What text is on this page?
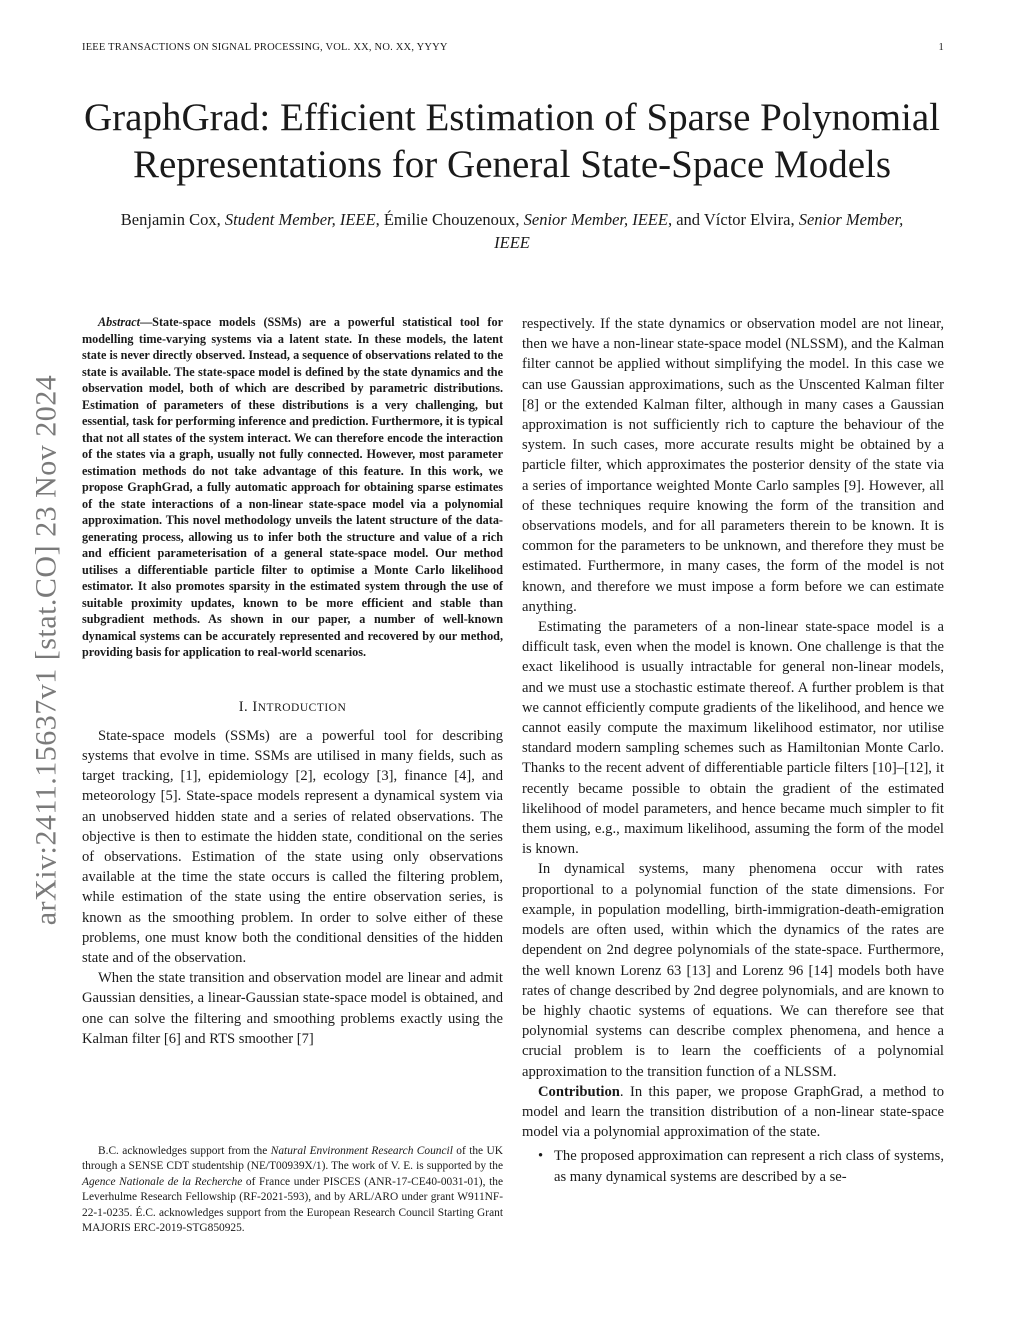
IEEE TRANSACTIONS ON SIGNAL PROCESSING, VOL. XX, NO. XX, YYYY	1
arXiv:2411.15637v1 [stat.CO] 23 Nov 2024
GraphGrad: Efficient Estimation of Sparse Polynomial Representations for General State-Space Models
Benjamin Cox, Student Member, IEEE, Émilie Chouzenoux, Senior Member, IEEE, and Víctor Elvira, Senior Member, IEEE

Abstract—State-space models (SSMs) are a powerful statistical tool for modelling time-varying systems via a latent state. In these models, the latent state is never directly observed. Instead, a sequence of observations related to the state is available. The state-space model is defined by the state dynamics and the observation model, both of which are described by parametric distributions. Estimation of parameters of these distributions is a very challenging, but essential, task for performing inference and prediction. Furthermore, it is typical that not all states of the system interact. We can therefore encode the interaction of the states via a graph, usually not fully connected. However, most parameter estimation methods do not take advantage of this feature. In this work, we propose GraphGrad, a fully automatic approach for obtaining sparse estimates of the state interactions of a non-linear state-space model via a polynomial approximation. This novel methodology unveils the latent structure of the data-generating process, allowing us to infer both the structure and value of a rich and efficient parameterisation of a general state-space model. Our method utilises a differentiable particle filter to optimise a Monte Carlo likelihood estimator. It also promotes sparsity in the estimated system through the use of suitable proximity updates, known to be more efficient and stable than subgradient methods. As shown in our paper, a number of well-known dynamical systems can be accurately represented and recovered by our method, providing basis for application to real-world scenarios.

I. INTRODUCTION

State-space models (SSMs) are a powerful tool for describing systems that evolve in time. SSMs are utilised in many fields, such as target tracking, [1], epidemiology [2], ecology [3], finance [4], and meteorology [5]. State-space models represent a dynamical system via an unobserved hidden state and a series of related observations. The objective is then to estimate the hidden state, conditional on the series of observations. Estimation of the state using only observations available at the time the state occurs is called the filtering problem, while estimation of the state using the entire observation series, is known as the smoothing problem. In order to solve either of these problems, one must know both the conditional densities of the hidden state and of the observation.

When the state transition and observation model are linear and admit Gaussian densities, a linear-Gaussian state-space model is obtained, and one can solve the filtering and smoothing problems exactly using the Kalman filter [6] and RTS smoother [7]

B.C. acknowledges support from the Natural Environment Research Council of the UK through a SENSE CDT studentship (NE/T00939X/1). The work of V. E. is supported by the Agence Nationale de la Recherche of France under PISCES (ANR-17-CE40-0031-01), the Leverhulme Research Fellowship (RF-2021-593), and by ARL/ARO under grant W911NF-22-1-0235. É.C. acknowledges support from the European Research Council Starting Grant MAJORIS ERC-2019-STG850925.

respectively. If the state dynamics or observation model are not linear, then we have a non-linear state-space model (NLSSM), and the Kalman filter cannot be applied without simplifying the model. In this case we can use Gaussian approximations, such as the Unscented Kalman filter [8] or the extended Kalman filter, although in many cases a Gaussian approximation is not sufficiently rich to capture the behaviour of the system. In such cases, more accurate results might be obtained by a particle filter, which approximates the posterior density of the state via a series of importance weighted Monte Carlo samples [9]. However, all of these techniques require knowing the form of the transition and observations models, and for all parameters therein to be known. It is common for the parameters to be unknown, and therefore they must be estimated. Furthermore, in many cases, the form of the model is not known, and therefore we must impose a form before we can estimate anything.

Estimating the parameters of a non-linear state-space model is a difficult task, even when the model is known. One challenge is that the exact likelihood is usually intractable for general non-linear models, and we must use a stochastic estimate thereof. A further problem is that we cannot efficiently compute gradients of the likelihood, and hence we cannot easily compute the maximum likelihood estimator, nor utilise standard modern sampling schemes such as Hamiltonian Monte Carlo. Thanks to the recent advent of differentiable particle filters [10]–[12], it recently became possible to obtain the gradient of the estimated likelihood of model parameters, and hence became much simpler to fit them using, e.g., maximum likelihood, assuming the form of the model is known.

In dynamical systems, many phenomena occur with rates proportional to a polynomial function of the state dimensions. For example, in population modelling, birth-immigration-death-emigration models are often used, within which the dynamics of the rates are dependent on 2nd degree polynomials of the state-space. Furthermore, the well known Lorenz 63 [13] and Lorenz 96 [14] models both have rates of change described by 2nd degree polynomials, and are known to be highly chaotic systems of equations. We can therefore see that polynomial systems can describe complex phenomena, and hence a crucial problem is to learn the coefficients of a polynomial approximation to the transition function of a NLSSM.

Contribution. In this paper, we propose GraphGrad, a method to model and learn the transition distribution of a non-linear state-space model via a polynomial approximation of the state.

• The proposed approximation can represent a rich class of systems, as many dynamical systems are described by a se-
